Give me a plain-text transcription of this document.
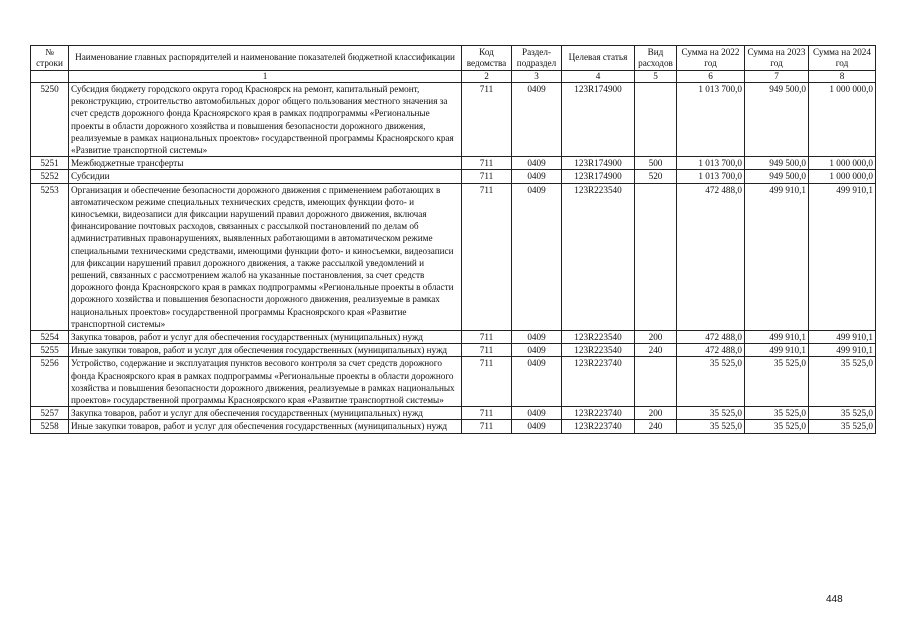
№ строки	Наименование главных распорядителей и наименование показателей бюджетной классификации	Код ведомства	Раздел-подраздел	Целевая статья	Вид расходов	Сумма на 2022 год	Сумма на 2023 год	Сумма на 2024 год
	1	2	3	4	5	6	7	8
5250	Субсидия бюджету городского округа город Красноярск на ремонт, капитальный ремонт, реконструкцию, строительство автомобильных дорог общего пользования местного значения за счет средств дорожного фонда Красноярского края в рамках подпрограммы «Региональные проекты в области дорожного хозяйства и повышения безопасности дорожного движения, реализуемые в рамках национальных проектов» государственной программы Красноярского края «Развитие транспортной системы»	711	0409	123R174900		1 013 700,0	949 500,0	1 000 000,0
5251	Межбюджетные трансферты	711	0409	123R174900	500	1 013 700,0	949 500,0	1 000 000,0
5252	Субсидии	711	0409	123R174900	520	1 013 700,0	949 500,0	1 000 000,0
5253	Организация и обеспечение безопасности дорожного движения с применением работающих в автоматическом режиме специальных технических средств, имеющих функции фото- и киносъемки, видеозаписи для фиксации нарушений правил дорожного движения, включая финансирование почтовых расходов, связанных с рассылкой постановлений по делам об административных правонарушениях, выявленных работающими в автоматическом режиме специальными техническими средствами, имеющими функции фото- и киносъемки, видеозаписи для фиксации нарушений правил дорожного движения, а также рассылкой уведомлений и решений, связанных с рассмотрением жалоб на указанные постановления, за счет средств дорожного фонда Красноярского края в рамках подпрограммы «Региональные проекты в области дорожного хозяйства и повышения безопасности дорожного движения, реализуемые в рамках национальных проектов» государственной программы Красноярского края «Развитие транспортной системы»	711	0409	123R223540		472 488,0	499 910,1	499 910,1
5254	Закупка товаров, работ и услуг для обеспечения государственных (муниципальных) нужд	711	0409	123R223540	200	472 488,0	499 910,1	499 910,1
5255	Иные закупки товаров, работ и услуг для обеспечения государственных (муниципальных) нужд	711	0409	123R223540	240	472 488,0	499 910,1	499 910,1
5256	Устройство, содержание и эксплуатация пунктов весового контроля за счет средств дорожного фонда Красноярского края в рамках подпрограммы «Региональные проекты в области дорожного хозяйства и повышения безопасности дорожного движения, реализуемые в рамках национальных проектов» государственной программы Красноярского края «Развитие транспортной системы»	711	0409	123R223740		35 525,0	35 525,0	35 525,0
5257	Закупка товаров, работ и услуг для обеспечения государственных (муниципальных) нужд	711	0409	123R223740	200	35 525,0	35 525,0	35 525,0
5258	Иные закупки товаров, работ и услуг для обеспечения государственных (муниципальных) нужд	711	0409	123R223740	240	35 525,0	35 525,0	35 525,0
448
